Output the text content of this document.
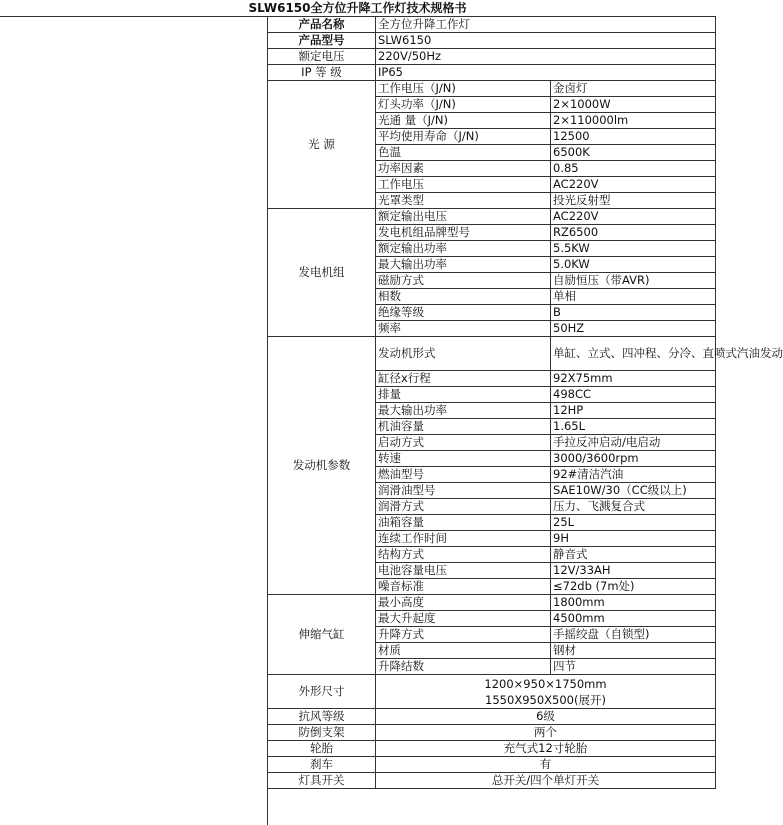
SLW6150全方位升降工作灯技术规格书
产品名称	全方位升降工作灯	
产品型号	SLW6150	
额定电压	220V/50Hz	
IP 等 级	IP65	
光 源	工作电压（J/N)	金卤灯
	灯头功率（J/N)	2×1000W
	光通 量（J/N)	2×110000lm
	平均使用寿命（J/N)	12500
	色温	6500K
	功率因素	0.85
	工作电压	AC220V
	光罩类型	投光反射型
发电机组	额定输出电压	AC220V
	发电机组品牌型号	RZ6500
	额定输出功率	5.5KW
	最大输出功率	5.0KW
	磁励方式	自励恒压（带AVR)
	相数	单相
	绝缘等级	B
	频率	50HZ
发动机参数	发动机形式	单缸、立式、四冲程、分冷、直喷式汽油发动
	缸径x行程	92X75mm
	排量	498CC
	最大输出功率	12HP
	机油容量	1.65L
	启动方式	手拉反冲启动/电启动
	转速	3000/3600rpm
	燃油型号	92#清洁汽油
	润滑油型号	SAE10W/30（CC级以上)
	润滑方式	压力、飞溅复合式
	油箱容量	25L
	连续工作时间	9H
	结构方式	静音式
	电池容量电压	12V/33AH
	噪音标准	≤72db (7m处)
伸缩气缸	最小高度	1800mm
	最大升起度	4500mm
	升降方式	手摇绞盘（自锁型)
	材质	钢材
	升降结数	四节
外形尺寸	1200×950×1750mm
1550X950X500(展开)	

抗风等级	6级	
防倒支架	两个	
轮胎	充气式12寸轮胎	
刹车	有	
灯具开关	总开关/四个单灯开关	
